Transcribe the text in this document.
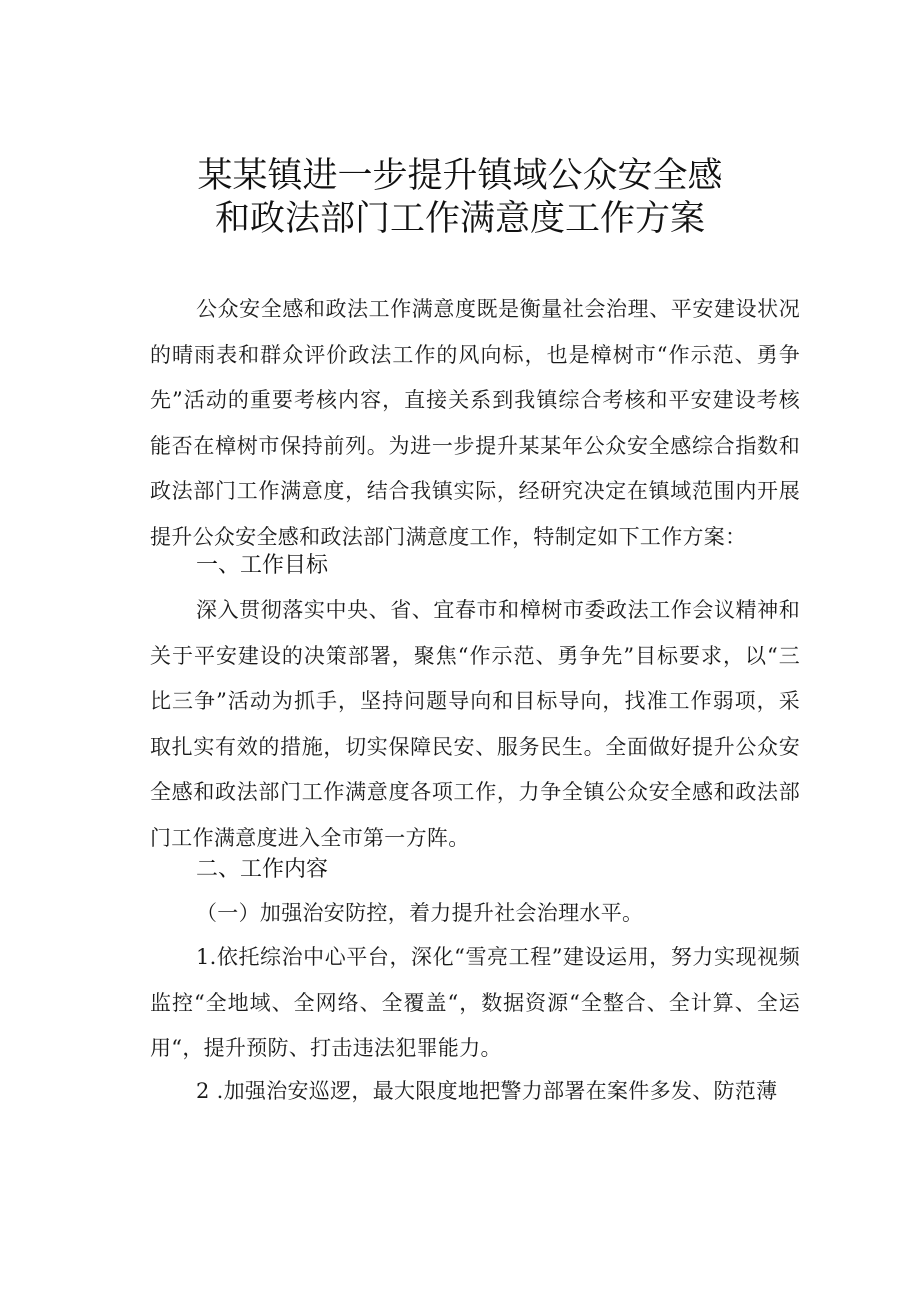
某某镇进一步提升镇域公众安全感
和政法部门工作满意度工作方案

公众安全感和政法工作满意度既是衡量社会治理、平安建设状况的晴雨表和群众评价政法工作的风向标，也是樟树市“作示范、勇争先”活动的重要考核内容，直接关系到我镇综合考核和平安建设考核能否在樟树市保持前列。为进一步提升某某年公众安全感综合指数和政法部门工作满意度，结合我镇实际，经研究决定在镇域范围内开展提升公众安全感和政法部门满意度工作，特制定如下工作方案：

一、工作目标

深入贯彻落实中央、省、宜春市和樟树市委政法工作会议精神和关于平安建设的决策部署，聚焦“作示范、勇争先”目标要求，以“三比三争”活动为抓手，坚持问题导向和目标导向，找准工作弱项，采取扎实有效的措施，切实保障民安、服务民生。全面做好提升公众安全感和政法部门工作满意度各项工作，力争全镇公众安全感和政法部门工作满意度进入全市第一方阵。

二、工作内容
（一）加强治安防控，着力提升社会治理水平。

1.依托综治中心平台，深化“雪亮工程”建设运用，努力实现视频监控“全地域、全网络、全覆盖“，数据资源“全整合、全计算、全运用“，提升预防、打击违法犯罪能力。

2 .加强治安巡逻，最大限度地把警力部署在案件多发、防范薄
